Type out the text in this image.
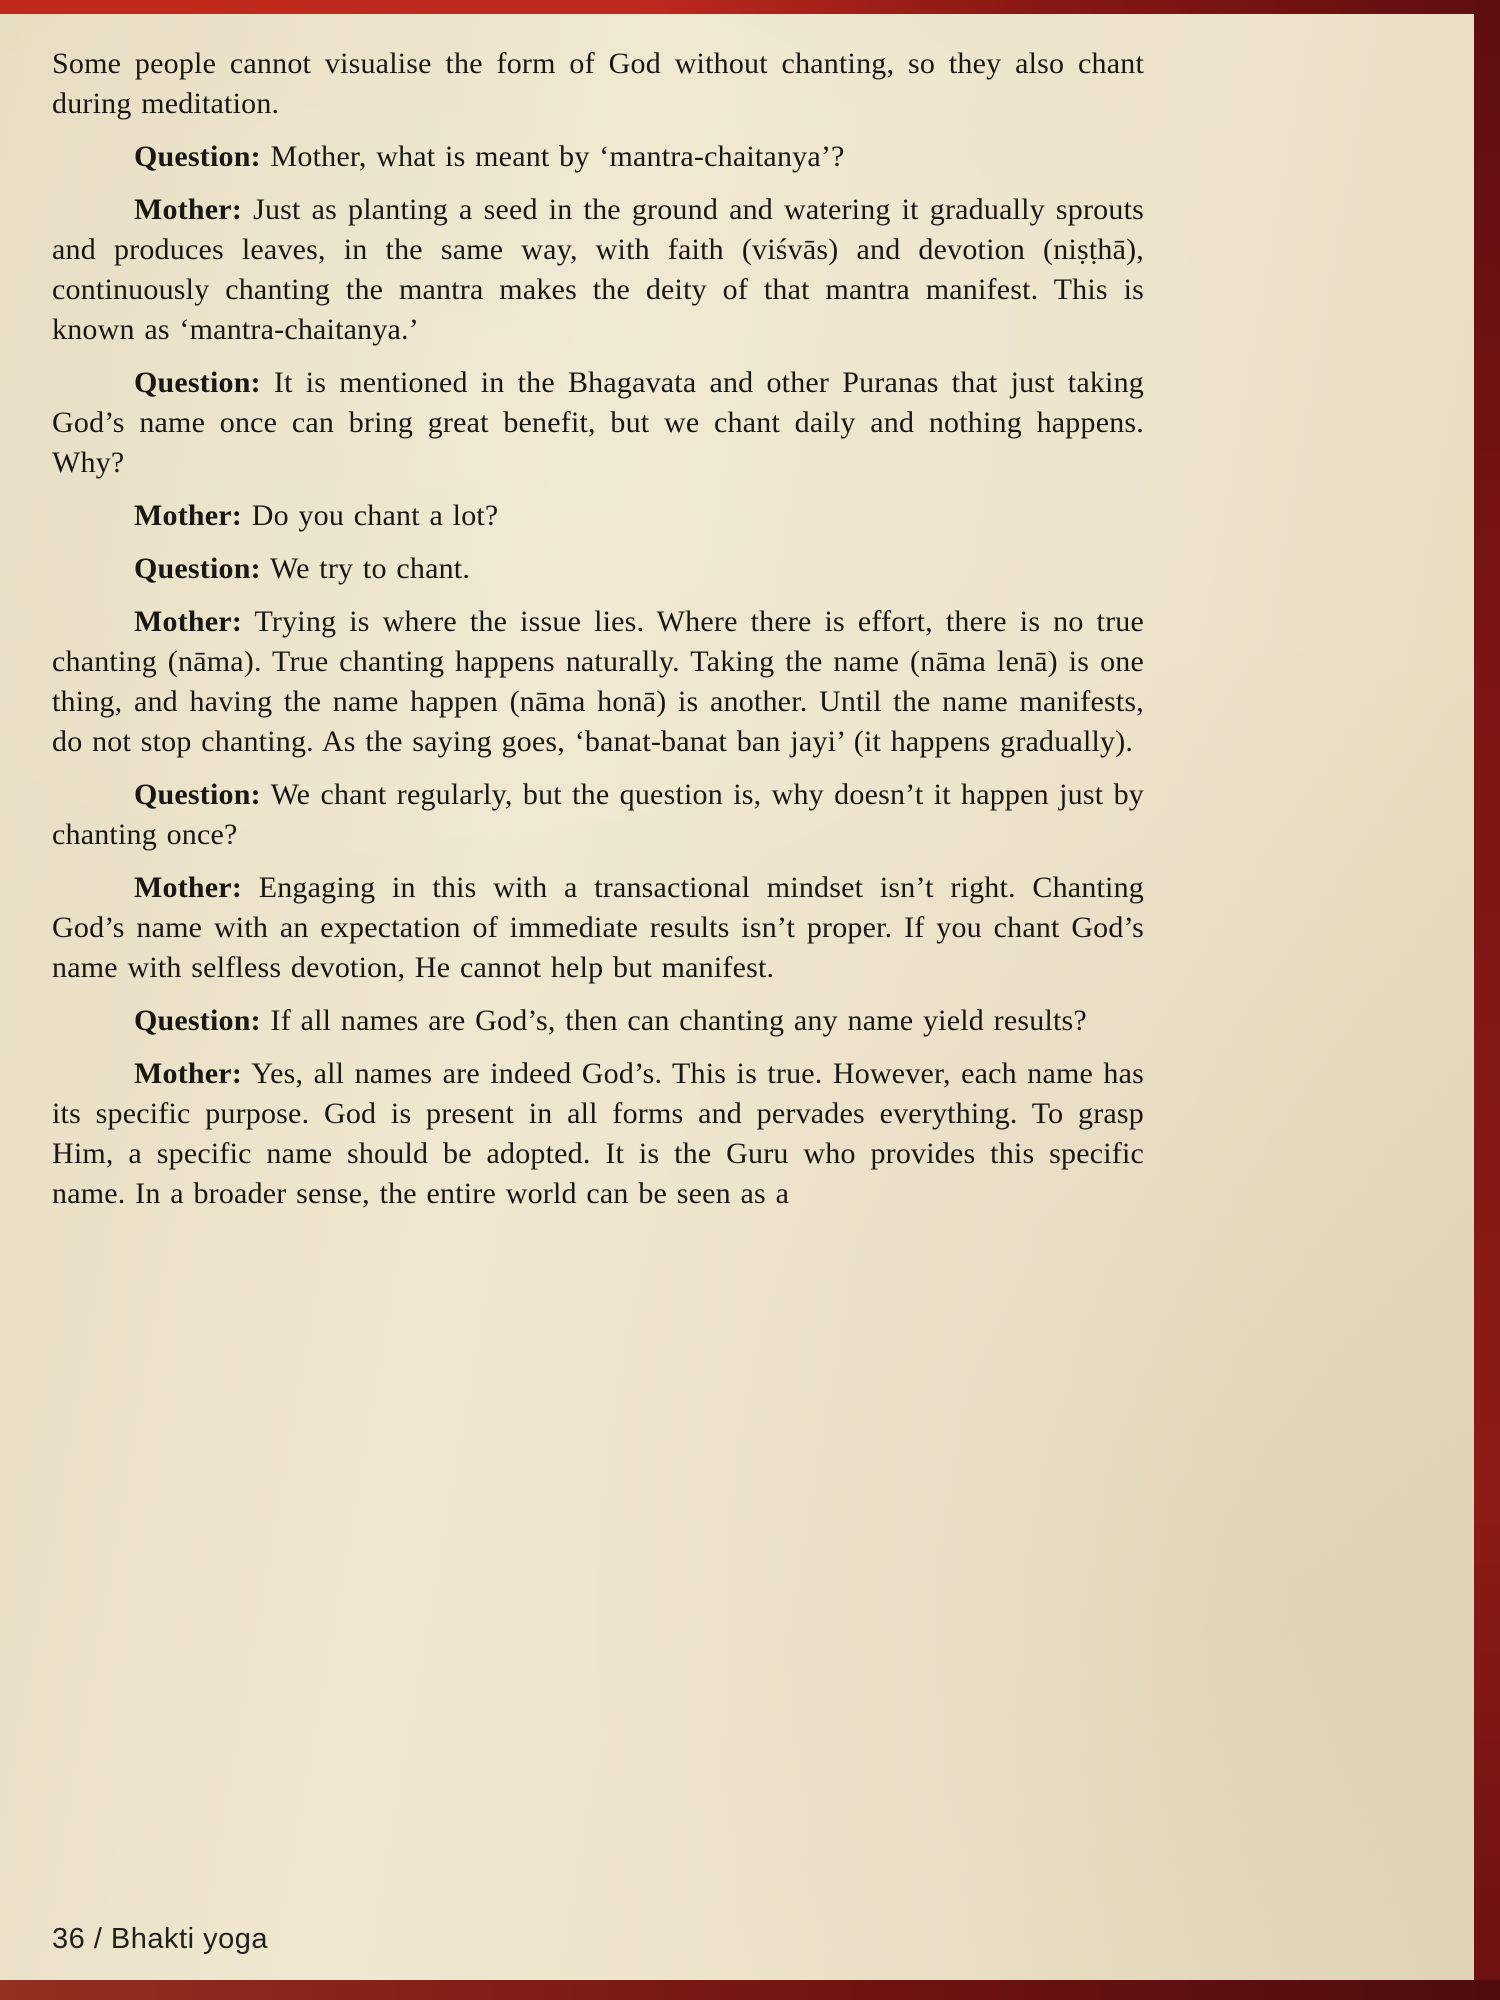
Some people cannot visualise the form of God without chanting, so they also chant during meditation.

Question: Mother, what is meant by ‘mantra-chaitanya’?

Mother: Just as planting a seed in the ground and watering it gradually sprouts and produces leaves, in the same way, with faith (viśvās) and devotion (niṣṭhā), continuously chanting the mantra makes the deity of that mantra manifest. This is known as ‘mantra-chaitanya.’

Question: It is mentioned in the Bhagavata and other Puranas that just taking God’s name once can bring great benefit, but we chant daily and nothing happens. Why?

Mother: Do you chant a lot?

Question: We try to chant.

Mother: Trying is where the issue lies. Where there is effort, there is no true chanting (nāma). True chanting happens naturally. Taking the name (nāma lenā) is one thing, and having the name happen (nāma honā) is another. Until the name manifests, do not stop chanting. As the saying goes, ‘banat-banat ban jayi’ (it happens gradually).

Question: We chant regularly, but the question is, why doesn’t it happen just by chanting once?

Mother: Engaging in this with a transactional mindset isn’t right. Chanting God’s name with an expectation of immediate results isn’t proper. If you chant God’s name with selfless devotion, He cannot help but manifest.

Question: If all names are God’s, then can chanting any name yield results?

Mother: Yes, all names are indeed God’s. This is true. However, each name has its specific purpose. God is present in all forms and pervades everything. To grasp Him, a specific name should be adopted. It is the Guru who provides this specific name. In a broader sense, the entire world can be seen as a

36 / Bhakti yoga
